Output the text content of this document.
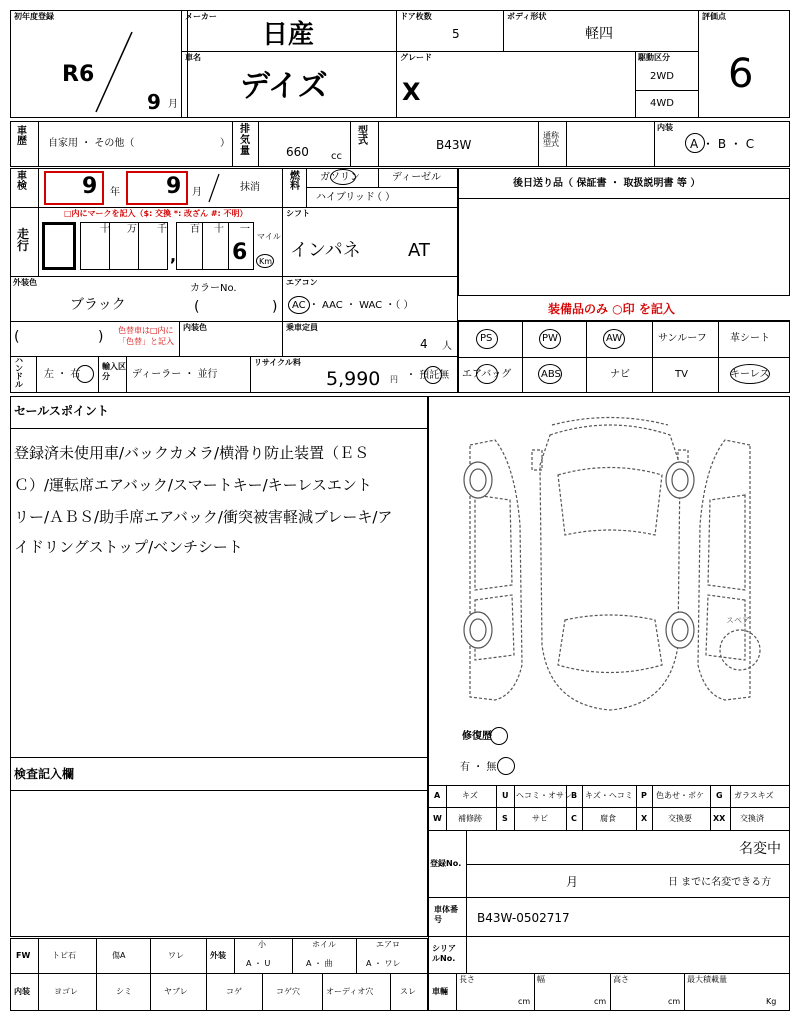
初年度登録
R6
9 月
メーカー
日産
ドア枚数
5
ボディ形状
軽四
評価点
6
車名
デイズ
グレード
X
駆動区分
2WD
4WD
車歴 自家用 ・ その他（	）
排気量	660 cc
型式	B43W
通称型式
内装
A ・ B ・ C
車検	9 年 9 月	抹消
燃料
ガソリン	ディーゼル
ハイブリッド
（ ）
後日送り品（ 保証書 ・ 取扱説明書 等 ）
走行
□内にマークを記入（$: 交換 *: 改ざん #: 不明）
十 万 千
,
百 十 一
6
マイル
Km
シフト
インパネ	AT
外装色
ブラック
カラーNo.
(	)
エアコン
AC ・ AAC ・ WAC ・（ ）	装備品のみ ○印 を記入
(	) 色替車は□内に「色替」と記入
内装色	乗車定員
4 人
PS	PW	AW	サンルーフ 革シート
エアバッグ	ABS	ナビ	TV	キーレス
ハンドル
左 ・ 右
輸入区分	ディーラー ・ 並行
リサイクル料
5,990 円 ・ 預託無
セールスポイント
登録済未使用車/バックカメラ/横滑り防止装置（ＥＳ
Ｃ）/運転席エアバック/スマートキー/キーレスエント
リー/ＡＢＳ/助手席エアバック/衝突被害軽減ブレーキ/ア
イドリングストップ/ベンチシート
スペア
修復歴
有 ・ 無
検査記入欄
A	キズ	U ヘコミ・オサレ B キズ・ヘコミ P 色あせ・ボケ G ガラスキズ
W 補修跡	S	サビ	C	腐食	X	交換要	XX 交換済
登録No.
名変中
月	日 までに名変できる方
車体番号	B43W-0502717
FW	トビ石	傷A	ワレ	外装
小
A ・ U
ホイル
A ・ 曲
エアロ
A ・ ワレ
シリアルNo.
内装	ヨゴレ	シミ	ヤブレ	コゲ	コゲ穴	オーディオ穴	スレ 車輛
長さ
cm
幅
cm
高さ
cm
最大積載量
Kg
